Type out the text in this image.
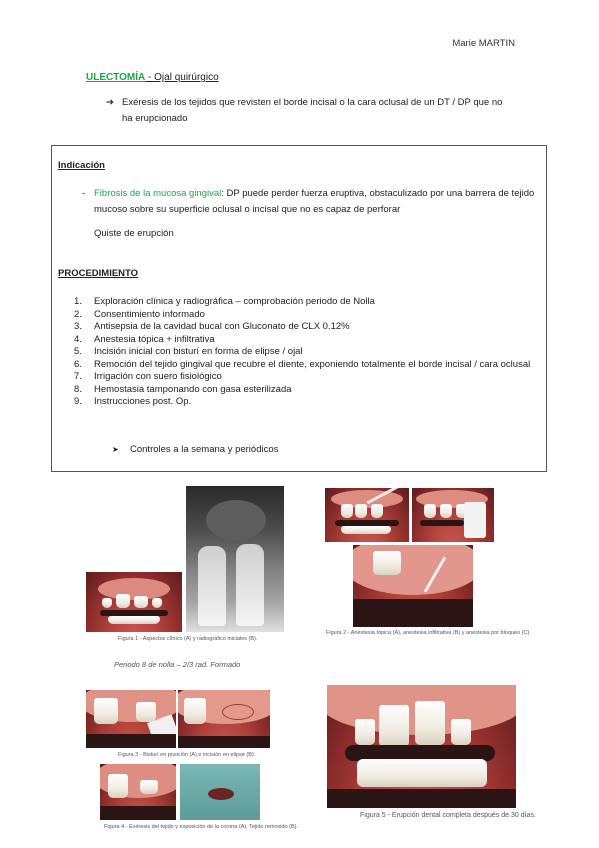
Marie MARTIN
ULECTOMÍA - Ojal quirúrgico
➔ Exéresis de los tejidos que revisten el borde incisal o la cara oclusal de un DT / DP que no ha erupcionado
Indicación
- Fibrosis de la mucosa gingival: DP puede perder fuerza eruptiva, obstaculizado por una barrera de tejido mucoso sobre su superficie oclusal o incisal que no es capaz de perforar
Quiste de erupción
PROCEDIMIENTO
1. Exploración clínica y radiográfica – comprobación periodo de Nolla
2. Consentimiento informado
3. Antisepsia de la cavidad bucal con Gluconato de CLX 0.12%
4. Anestesia tópica + infiltrativa
5. Incisión inicial con bisturí en forma de elipse / ojal
6. Remoción del tejido gingival que recubre el diente, exponiendo totalmente el borde incisal / cara oclusal
7. Irrigación con suero fisiológico
8. Hemostasia tamponando con gasa esterilizada
9. Instrucciones post. Op.
➤ Controles a la semana y periódicos
Figura 1 - Aspectos clínico (A) y radiográfico iniciales (B).
Periodo 8 de nolla – 2/3 rad. Formado
Figura 2 - Anestesia tópica (A), anestesia infiltrativa (B) y anestesia por bloqueo (C).
Figura 3 - Bisturí en posición (A) e incisión en elipse (B).
Figura 4 - Exéresis del tejido y exposición de la corona (A). Tejido removido (B).
Figura 5 - Erupción dental completa después de 30 días.
